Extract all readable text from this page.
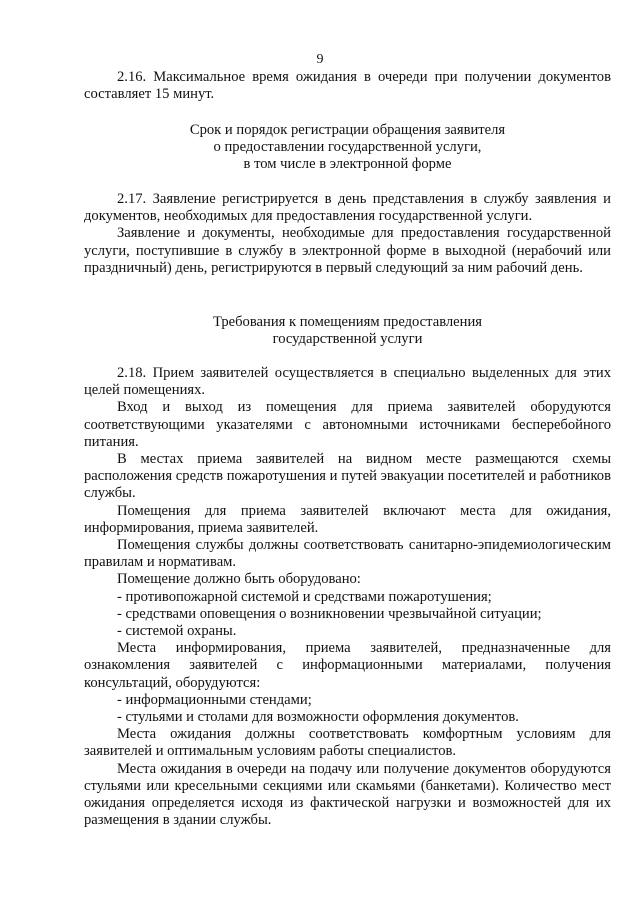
9

2.16. Максимальное время ожидания в очереди при получении документов составляет 15 минут.

Срок и порядок регистрации обращения заявителя

о предоставлении государственной услуги,

в том числе в электронной форме

2.17. Заявление регистрируется в день представления в службу заявления и документов, необходимых для предоставления государственной услуги.

Заявление и документы, необходимые для предоставления государственной услуги, поступившие в службу в электронной форме в выходной (нерабочий или праздничный) день, регистрируются в первый следующий за ним рабочий день.

Требования к помещениям предоставления

государственной услуги

2.18. Прием заявителей осуществляется в специально выделенных для этих целей помещениях.

Вход и выход из помещения для приема заявителей оборудуются соответствующими указателями с автономными источниками бесперебойного питания.

В местах приема заявителей на видном месте размещаются схемы расположения средств пожаротушения и путей эвакуации посетителей и работников службы.

Помещения для приема заявителей включают места для ожидания, информирования, приема заявителей.

Помещения службы должны соответствовать санитарно-эпидемиологическим правилам и нормативам.

Помещение должно быть оборудовано:

- противопожарной системой и средствами пожаротушения;

- средствами оповещения о возникновении чрезвычайной ситуации;

- системой охраны.

Места информирования, приема заявителей, предназначенные для ознакомления заявителей с информационными материалами, получения консультаций, оборудуются:

- информационными стендами;

- стульями и столами для возможности оформления документов.

Места ожидания должны соответствовать комфортным условиям для заявителей и оптимальным условиям работы специалистов.

Места ожидания в очереди на подачу или получение документов оборудуются стульями или кресельными секциями или скамьями (банкетами). Количество мест ожидания определяется исходя из фактической нагрузки и возможностей для их размещения в здании службы.
